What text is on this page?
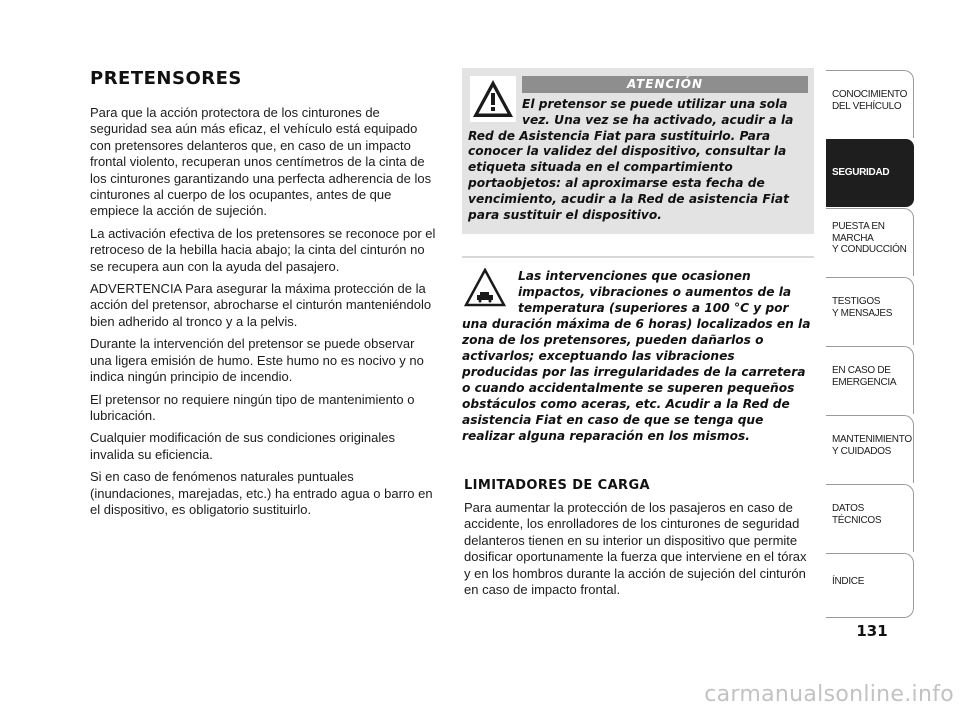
PRETENSORES

Para que la acción protectora de los cinturones de seguridad sea aún más eficaz, el vehículo está equipado con pretensores delanteros que, en caso de un impacto frontal violento, recuperan unos centímetros de la cinta de los cinturones garantizando una perfecta adherencia de los cinturones al cuerpo de los ocupantes, antes de que empiece la acción de sujeción.

La activación efectiva de los pretensores se reconoce por el retroceso de la hebilla hacia abajo; la cinta del cinturón no se recupera aun con la ayuda del pasajero.

ADVERTENCIA Para asegurar la máxima protección de la acción del pretensor, abrocharse el cinturón manteniéndolo bien adherido al tronco y a la pelvis.

Durante la intervención del pretensor se puede observar una ligera emisión de humo. Este humo no es nocivo y no indica ningún principio de incendio.

El pretensor no requiere ningún tipo de mantenimiento o lubricación.

Cualquier modificación de sus condiciones originales invalida su eficiencia.

Si en caso de fenómenos naturales puntuales (inundaciones, marejadas, etc.) ha entrado agua o barro en el dispositivo, es obligatorio sustituirlo.

ATENCIÓN
El pretensor se puede utilizar una sola vez. Una vez se ha activado, acudir a la Red de Asistencia Fiat para sustituirlo. Para conocer la validez del dispositivo, consultar la etiqueta situada en el compartimiento portaobjetos: al aproximarse esta fecha de vencimiento, acudir a la Red de asistencia Fiat para sustituir el dispositivo.
Las intervenciones que ocasionen impactos, vibraciones o aumentos de la temperatura (superiores a 100 °C y por una duración máxima de 6 horas) localizados en la zona de los pretensores, pueden dañarlos o activarlos; exceptuando las vibraciones producidas por las irregularidades de la carretera o cuando accidentalmente se superen pequeños obstáculos como aceras, etc. Acudir a la Red de asistencia Fiat en caso de que se tenga que realizar alguna reparación en los mismos.
LIMITADORES DE CARGA
Para aumentar la protección de los pasajeros en caso de accidente, los enrolladores de los cinturones de seguridad delanteros tienen en su interior un dispositivo que permite dosificar oportunamente la fuerza que interviene en el tórax y en los hombros durante la acción de sujeción del cinturón en caso de impacto frontal.
CONOCIMIENTO
DEL VEHÍCULO
SEGURIDAD
PUESTA EN
MARCHA
Y CONDUCCIÓN
TESTIGOS
Y MENSAJES
EN CASO DE
EMERGENCIA
MANTENIMIENTO
Y CUIDADOS
DATOS
TÉCNICOS
ÍNDICE
131
carmanualsonline.info
